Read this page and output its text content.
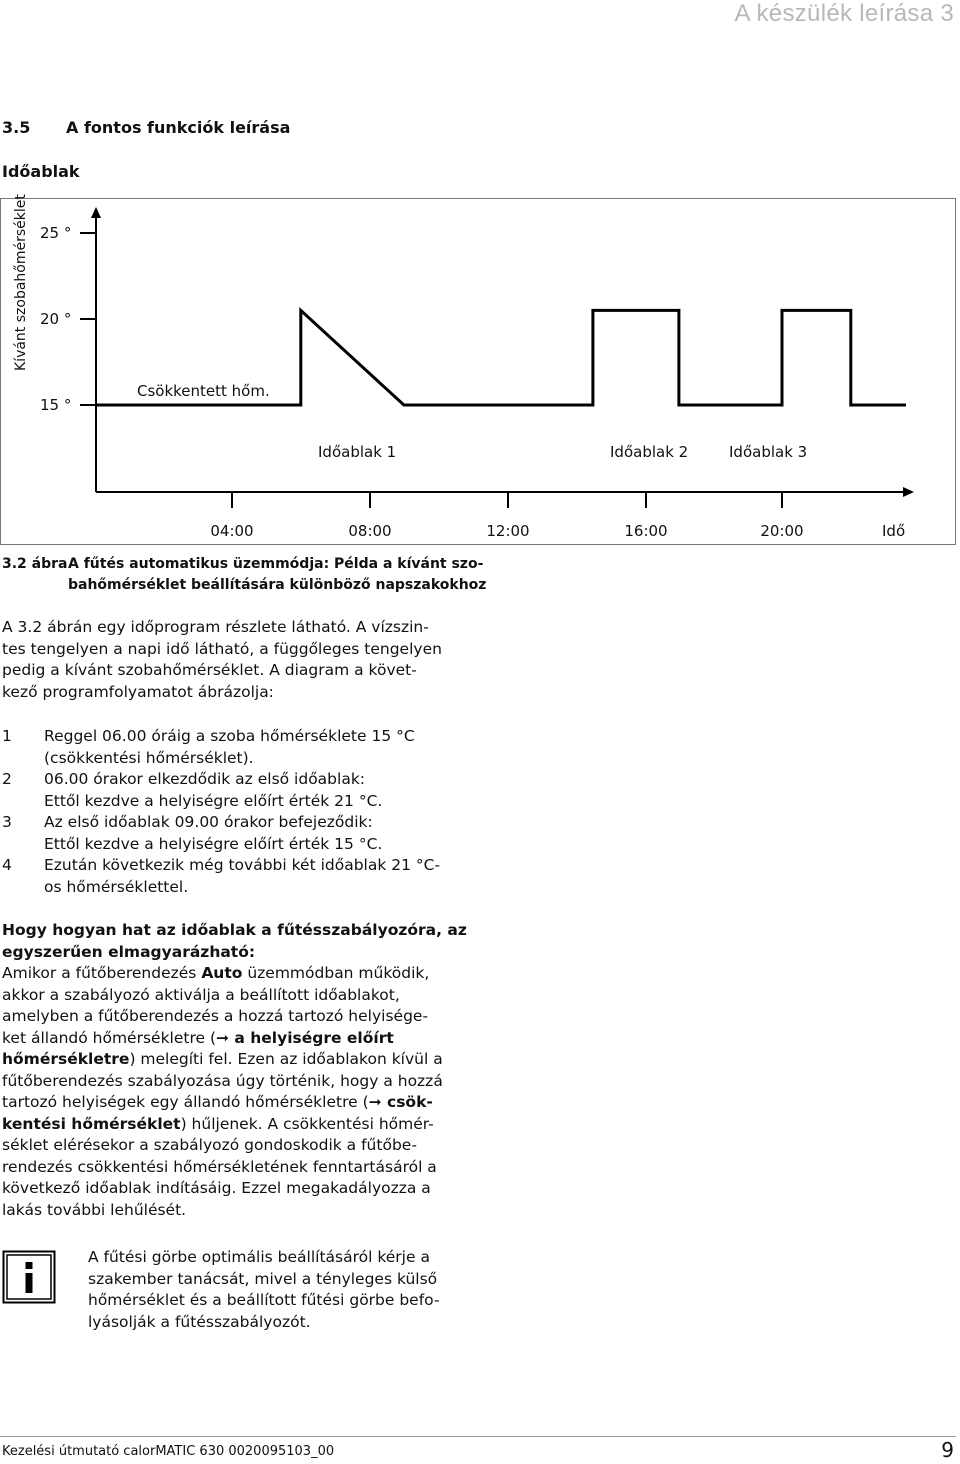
A készülék leírása 3
3.5 A fontos funkciók leírása
Időablak
25 °
20 °
15 °
04:00	08:00	12:00	16:00	20:00
Kívánt szobahőmérséklet
Idő
Csökkentett hőm.
Időablak 1	Időablak 2	Időablak 3
3.2 ábraA fűtés automatikus üzemmódja: Példa a kívánt szo-
bahőmérséklet beállítására különböző napszakokhoz
A 3.2 ábrán egy időprogram részlete látható. A vízszin-
tes tengelyen a napi idő látható, a függőleges tengelyen
pedig a kívánt szobahőmérséklet. A diagram a követ-
kező programfolyamatot ábrázolja:
1 Reggel 06.00 óráig a szoba hőmérséklete 15 °C
(csökkentési hőmérséklet).
2 06.00 órakor elkezdődik az első időablak:
Ettől kezdve a helyiségre előírt érték 21 °C.
3 Az első időablak 09.00 órakor befejeződik:
Ettől kezdve a helyiségre előírt érték 15 °C.
4 Ezután következik még további két időablak 21 °C-
os hőmérséklettel.
Hogy hogyan hat az időablak a fűtésszabályozóra, az
egyszerűen elmagyarázható:
Amikor a fűtőberendezés Auto üzemmódban működik,
akkor a szabályozó aktiválja a beállított időablakot,
amelyben a fűtőberendezés a hozzá tartozó helyisége-
ket állandó hőmérsékletre (➞ a helyiségre előírt
hőmérsékletre) melegíti fel. Ezen az időablakon kívül a
fűtőberendezés szabályozása úgy történik, hogy a hozzá
tartozó helyiségek egy állandó hőmérsékletre (➞ csök-
kentési hőmérséklet) hűljenek. A csökkentési hőmér-
séklet elérésekor a szabályozó gondoskodik a fűtőbe-
rendezés csökkentési hőmérsékletének fenntartásáról a
következő időablak indításáig. Ezzel megakadályozza a
lakás további lehűlését.
A fűtési görbe optimális beállításáról kérje a
szakember tanácsát, mivel a tényleges külső
hőmérséklet és a beállított fűtési görbe befo-
lyásolják a fűtésszabályozót.
Kezelési útmutató calorMATIC 630 0020095103_00	9
